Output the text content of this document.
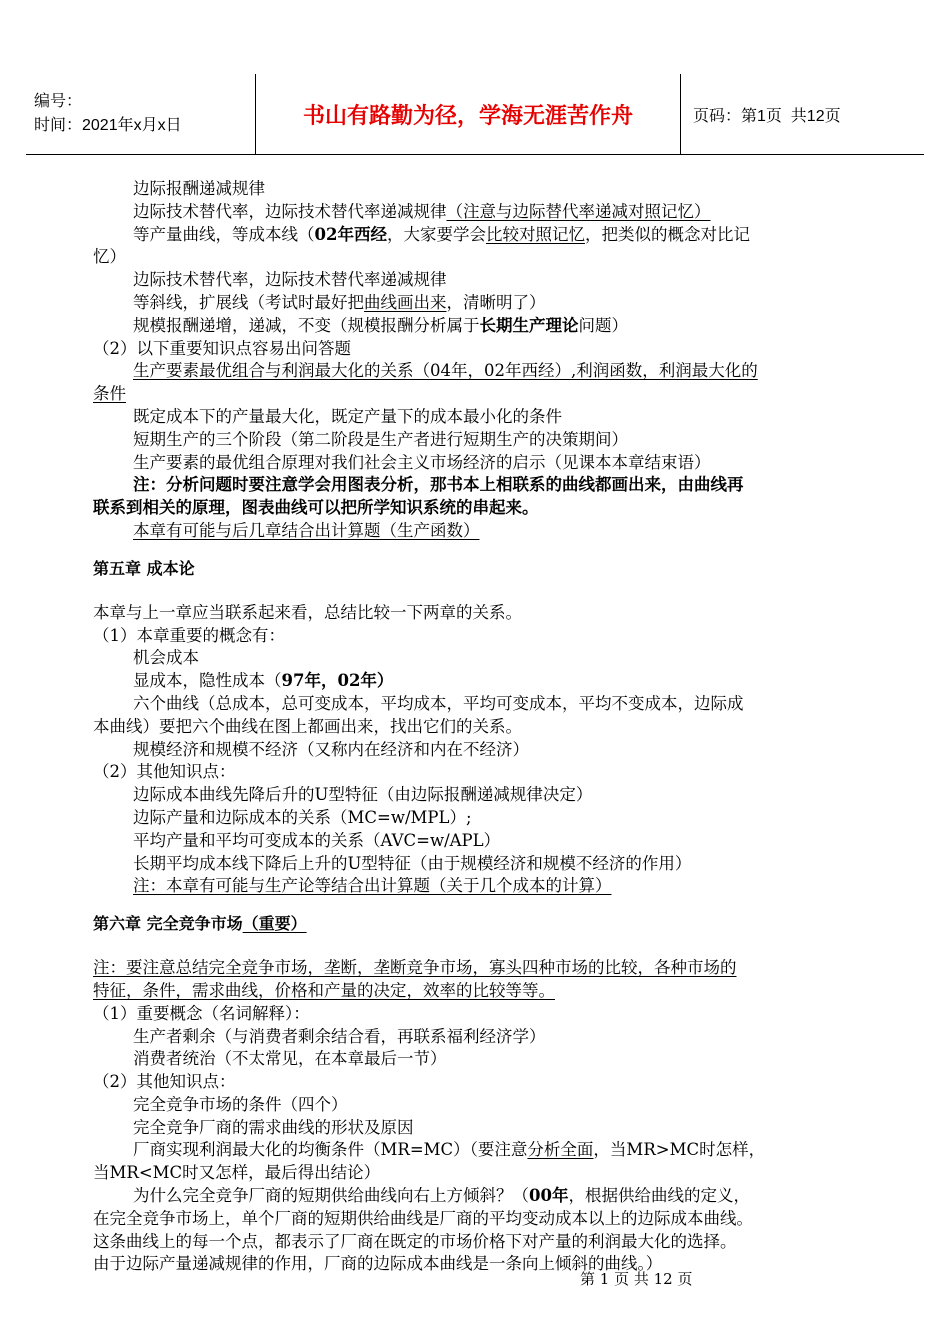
编号：
时间：2021年x月x日	书山有路勤为径，学海无涯苦作舟	页码：第1页  共12页
边际报酬递减规律
边际技术替代率，边际技术替代率递减规律（注意与边际替代率递减对照记忆）
等产量曲线，等成本线（02年西经，大家要学会比较对照记忆，把类似的概念对比记
忆）
边际技术替代率，边际技术替代率递减规律
等斜线，扩展线（考试时最好把曲线画出来，清晰明了）
规模报酬递增，递减，不变（规模报酬分析属于长期生产理论问题）
（2）以下重要知识点容易出问答题
生产要素最优组合与利润最大化的关系（04年，02年西经）,利润函数，利润最大化的
条件
既定成本下的产量最大化，既定产量下的成本最小化的条件
短期生产的三个阶段（第二阶段是生产者进行短期生产的决策期间）
生产要素的最优组合原理对我们社会主义市场经济的启示（见课本本章结束语）
注：分析问题时要注意学会用图表分析，那书本上相联系的曲线都画出来，由曲线再
联系到相关的原理，图表曲线可以把所学知识系统的串起来。
本章有可能与后几章结合出计算题（生产函数）
第五章 成本论
本章与上一章应当联系起来看，总结比较一下两章的关系。
（1）本章重要的概念有：
机会成本
显成本，隐性成本（97年，02年）
六个曲线（总成本，总可变成本，平均成本，平均可变成本，平均不变成本，边际成
本曲线）要把六个曲线在图上都画出来，找出它们的关系。
规模经济和规模不经济（又称内在经济和内在不经济）
（2）其他知识点：
边际成本曲线先降后升的U型特征（由边际报酬递减规律决定）
边际产量和边际成本的关系（MC=w/MPL）;
平均产量和平均可变成本的关系（AVC=w/APL）
长期平均成本线下降后上升的U型特征（由于规模经济和规模不经济的作用）
注：本章有可能与生产论等结合出计算题（关于几个成本的计算）
第六章 完全竞争市场（重要）
注：要注意总结完全竞争市场，垄断，垄断竞争市场，寡头四种市场的比较，各种市场的
特征，条件，需求曲线，价格和产量的决定，效率的比较等等。
（1）重要概念（名词解释）：
生产者剩余（与消费者剩余结合看，再联系福利经济学）
消费者统治（不太常见，在本章最后一节）
（2）其他知识点：
完全竞争市场的条件（四个）
完全竞争厂商的需求曲线的形状及原因
厂商实现利润最大化的均衡条件（MR=MC）（要注意分析全面，当MR>MC时怎样，
当MR<MC时又怎样，最后得出结论）
为什么完全竞争厂商的短期供给曲线向右上方倾斜？（00年，根据供给曲线的定义，
在完全竞争市场上，单个厂商的短期供给曲线是厂商的平均变动成本以上的边际成本曲线。
这条曲线上的每一个点，都表示了厂商在既定的市场价格下对产量的利润最大化的选择。
由于边际产量递减规律的作用，厂商的边际成本曲线是一条向上倾斜的曲线。）
第 1 页 共 12 页
